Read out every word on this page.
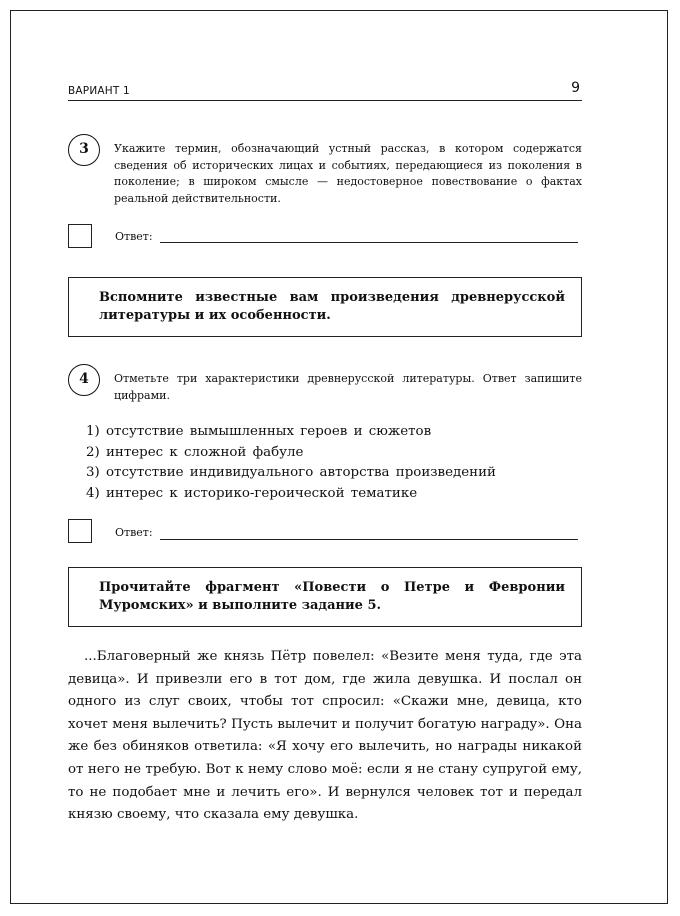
ВАРИАНТ 1	9
3	Укажите термин, обозначающий устный рассказ, в котором содержатся сведения об исторических лицах и событиях, передающиеся из поколения в поколение; в широком смысле — недостоверное повествование о фактах реальной действительности.
Ответ:
Вспомните известные вам произведения древнерусской литературы и их особенности.
4	Отметьте три характеристики древнерусской литературы. Ответ запишите цифрами.
1) отсутствие вымышленных героев и сюжетов
2) интерес к сложной фабуле
3) отсутствие индивидуального авторства произведений
4) интерес к историко-героической тематике
Ответ:
Прочитайте фрагмент «Повести о Петре и Февронии Муромских» и выполните задание 5.

...Благоверный же князь Пётр повелел: «Везите меня туда, где эта девица». И привезли его в тот дом, где жила девушка. И послал он одного из слуг своих, чтобы тот спросил: «Скажи мне, девица, кто хочет меня вылечить? Пусть вылечит и получит богатую награду». Она же без обиняков ответила: «Я хочу его вылечить, но награды никакой от него не требую. Вот к нему слово моё: если я не стану супругой ему, то не подобает мне и лечить его». И вернулся человек тот и передал князю своему, что сказала ему девушка.
